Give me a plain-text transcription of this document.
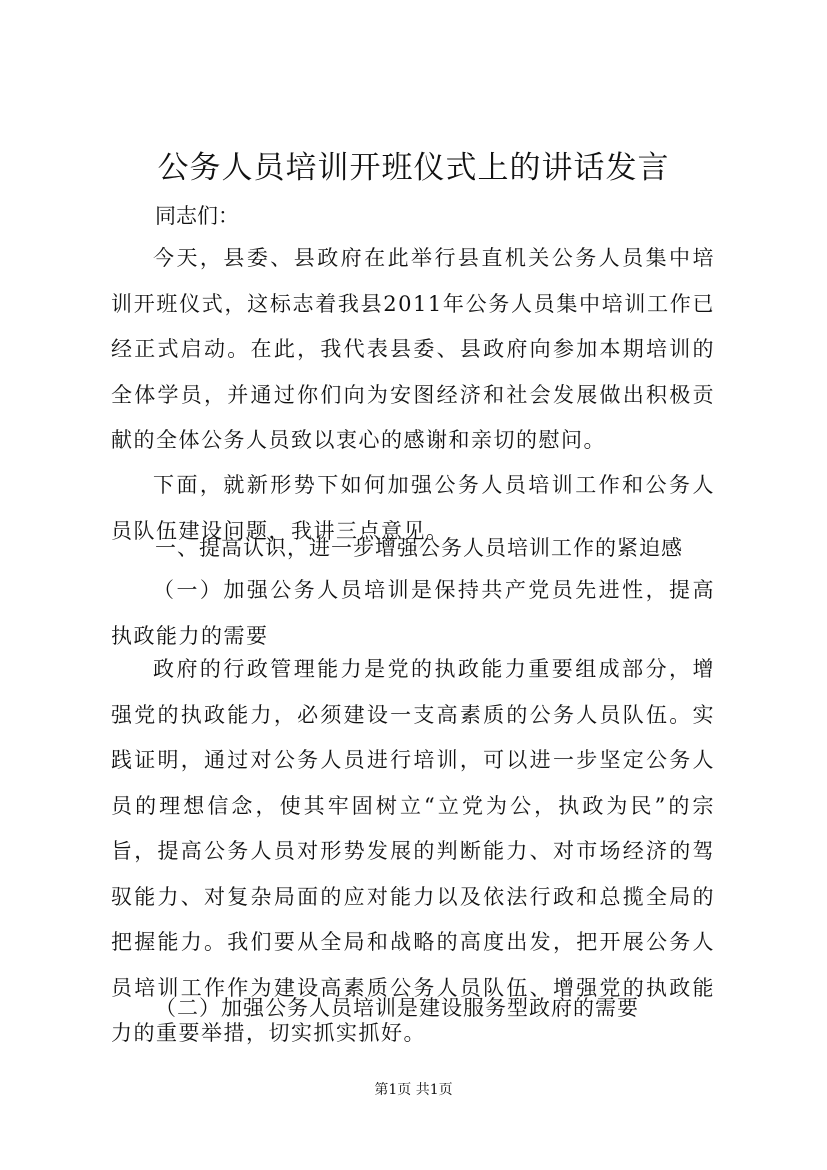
公务人员培训开班仪式上的讲话发言

同志们：

今天，县委、县政府在此举行县直机关公务人员集中培训开班仪式，这标志着我县2011年公务人员集中培训工作已经正式启动。在此，我代表县委、县政府向参加本期培训的全体学员，并通过你们向为安图经济和社会发展做出积极贡献的全体公务人员致以衷心的感谢和亲切的慰问。

下面，就新形势下如何加强公务人员培训工作和公务人员队伍建设问题，我讲三点意见。

一、提高认识，进一步增强公务人员培训工作的紧迫感

（一）加强公务人员培训是保持共产党员先进性，提高执政能力的需要

政府的行政管理能力是党的执政能力重要组成部分，增强党的执政能力，必须建设一支高素质的公务人员队伍。实践证明，通过对公务人员进行培训，可以进一步坚定公务人员的理想信念，使其牢固树立“立党为公，执政为民”的宗旨，提高公务人员对形势发展的判断能力、对市场经济的驾驭能力、对复杂局面的应对能力以及依法行政和总揽全局的把握能力。我们要从全局和战略的高度出发，把开展公务人员培训工作作为建设高素质公务人员队伍、增强党的执政能力的重要举措，切实抓实抓好。

（二）加强公务人员培训是建设服务型政府的需要

第1页 共1页
